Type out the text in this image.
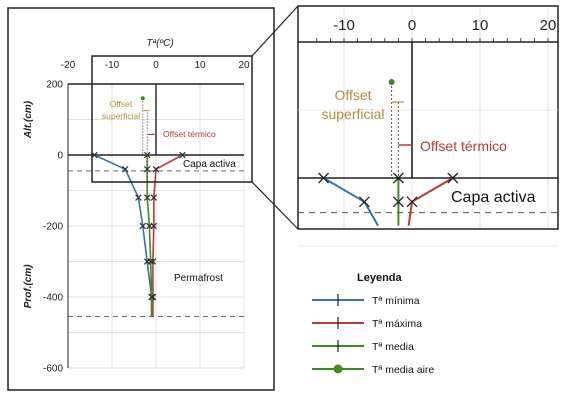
-20	-10	0	10	20
Tª(ºC)
200
0
-200
-400
-600
Alt.(cm)
Prof.(cm)
Offset
superficial
Offset térmico
Capa activa
Permafrost
-10	0	10	20
Offset
superficial
Offset térmico
Capa activa
Leyenda
Tª mínima
Tª máxima
Tª media
Tª media aire
